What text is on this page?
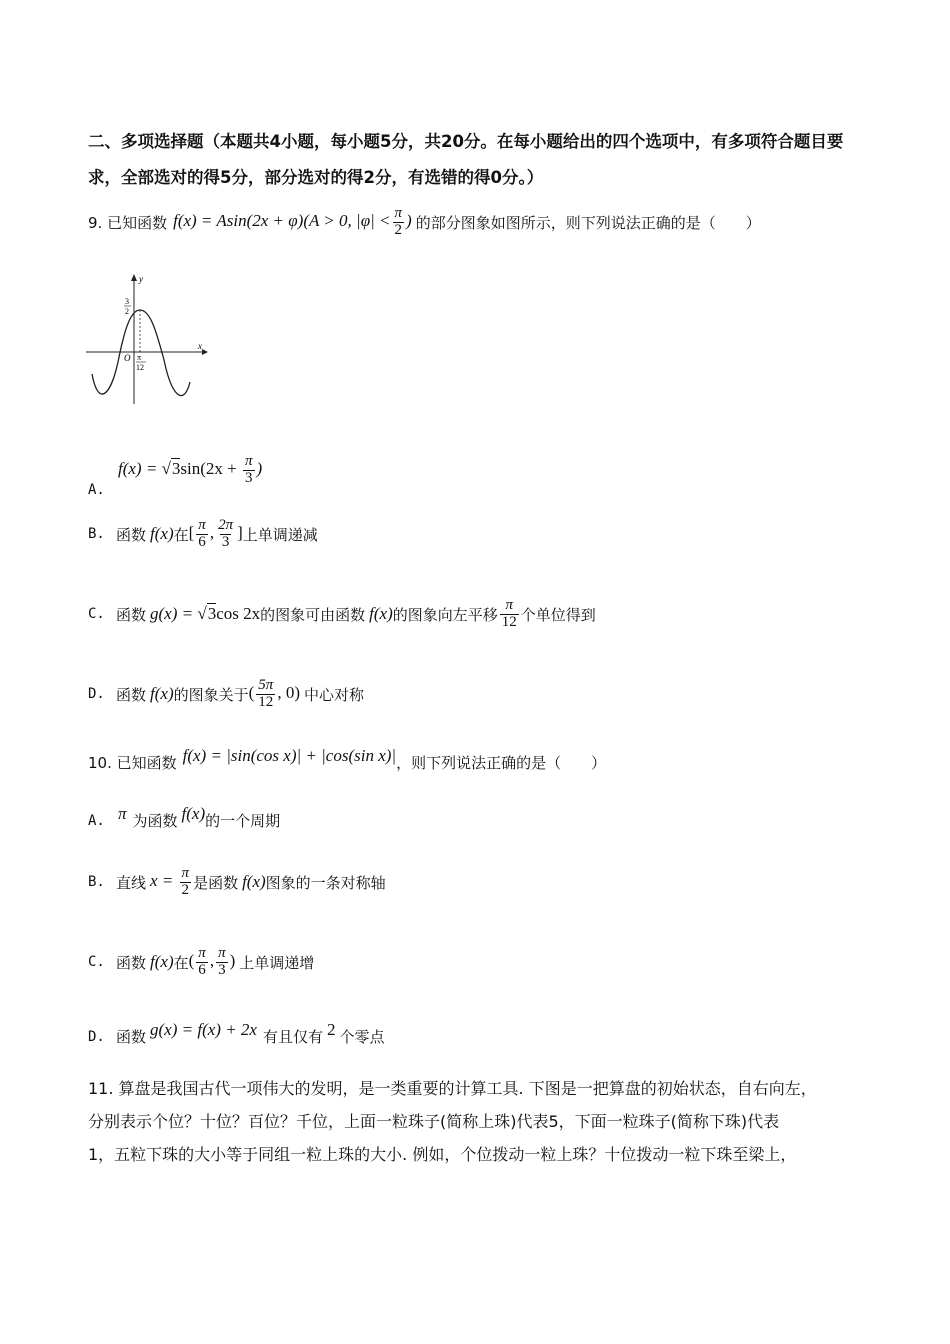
二、多项选择题（本题共4小题，每小题5分，共20分。在每小题给出的四个选项中，有多项符合题目要求，全部选对的得5分，部分选对的得2分，有选错的得0分。）
9. 已知函数 f(x) = Asin(2x + φ)(A > 0, $|\varphi| < \frac{\pi}{2}$ ) 的部分图象如图所示，则下列说法正确的是（　　）
y
x
O
3
2
π
12
A.
$f(x) = √3\sin(2x + \frac{\pi}{3}$ )
B. 函数 f(x) 在 [ $\frac{\pi}{6}$ , $\frac{2\pi}{3}$ ] 上单调递减
C. 函数 g(x) = √3cos 2x 的图象可由函数 f(x) 的图象向左平移 $\frac{\pi}{12}$ 个单位得到
D. 函数 f(x) 的图象关于 ( $\frac{5\pi}{12}$ , 0) 中心对称
10. 已知函数 f(x) = |sin(cos x)| + |cos(sin x)| ，则下列说法正确的是（　　）
A. π 为函数 f(x) 的一个周期
B. 直线 $x = \frac{\pi}{2}$ 是函数 f(x) 图象的一条对称轴
C. 函数 f(x) 在 ( $\frac{\pi}{6}$ , $\frac{\pi}{3}$ ) 上单调递增
D. 函数 g(x) = f(x) + 2x 有且仅有 2 个零点
11. 算盘是我国古代一项伟大的发明，是一类重要的计算工具. 下图是一把算盘的初始状态，自右向左，
分别表示个位？十位？百位？千位，上面一粒珠子(简称上珠)代表5，下面一粒珠子(简称下珠)代表
1，五粒下珠的大小等于同组一粒上珠的大小. 例如，个位拨动一粒上珠？十位拨动一粒下珠至梁上，
